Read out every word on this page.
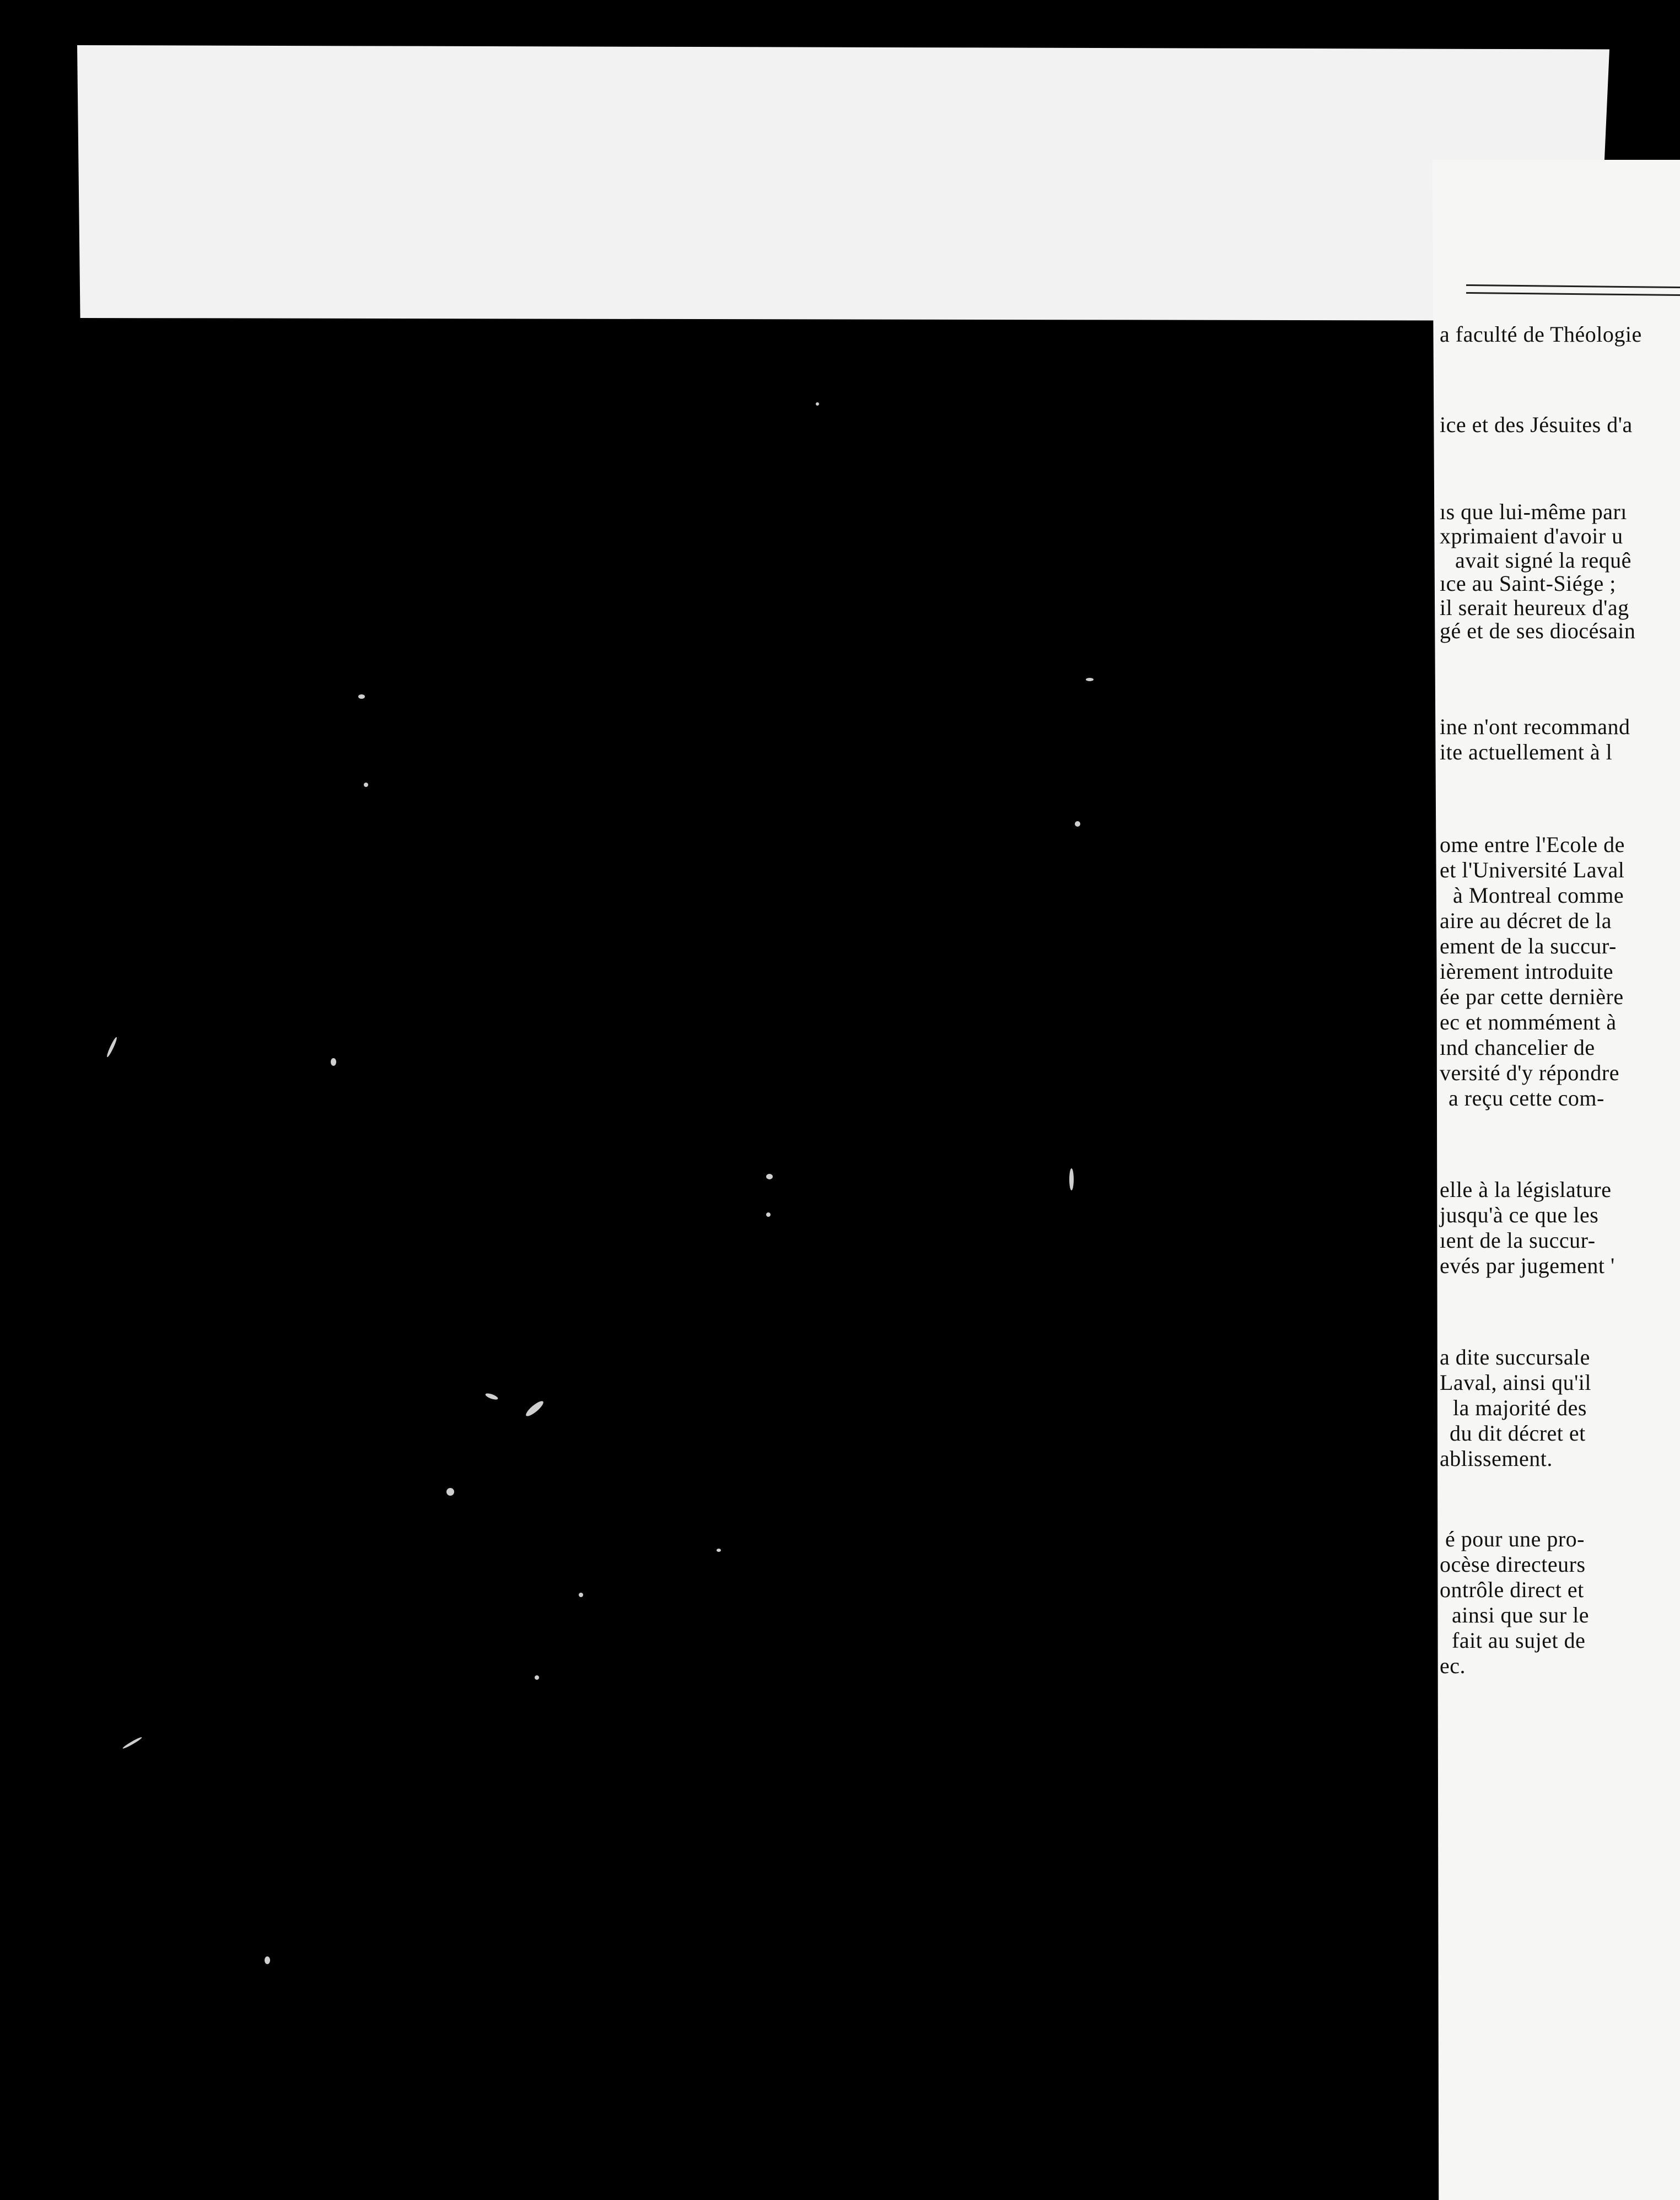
a faculté de Théologie
ice et des Jésuites d'a
ıs que lui-même parı
xprimaient d'avoir u
avait signé la requê
ıce au Saint-Siége ;
il serait heureux d'ag
gé et de ses diocésain
ine n'ont recommand
ite actuellement à l
ome entre l'Ecole de
et l'Université Laval
à Montreal comme
aire au décret de la
ement de la succur-
ièrement introduite
ée par cette dernière
ec et nommément à
ınd chancelier de
versité d'y répondre
a reçu cette com-
elle à la législature
jusqu'à ce que les
ıent de la succur-
evés par jugement '
a dite succursale
Laval, ainsi qu'il
la majorité des
du dit décret et
ablissement.
é pour une pro-
ocèse directeurs
ontrôle direct et
ainsi que sur le
fait au sujet de
ec.
